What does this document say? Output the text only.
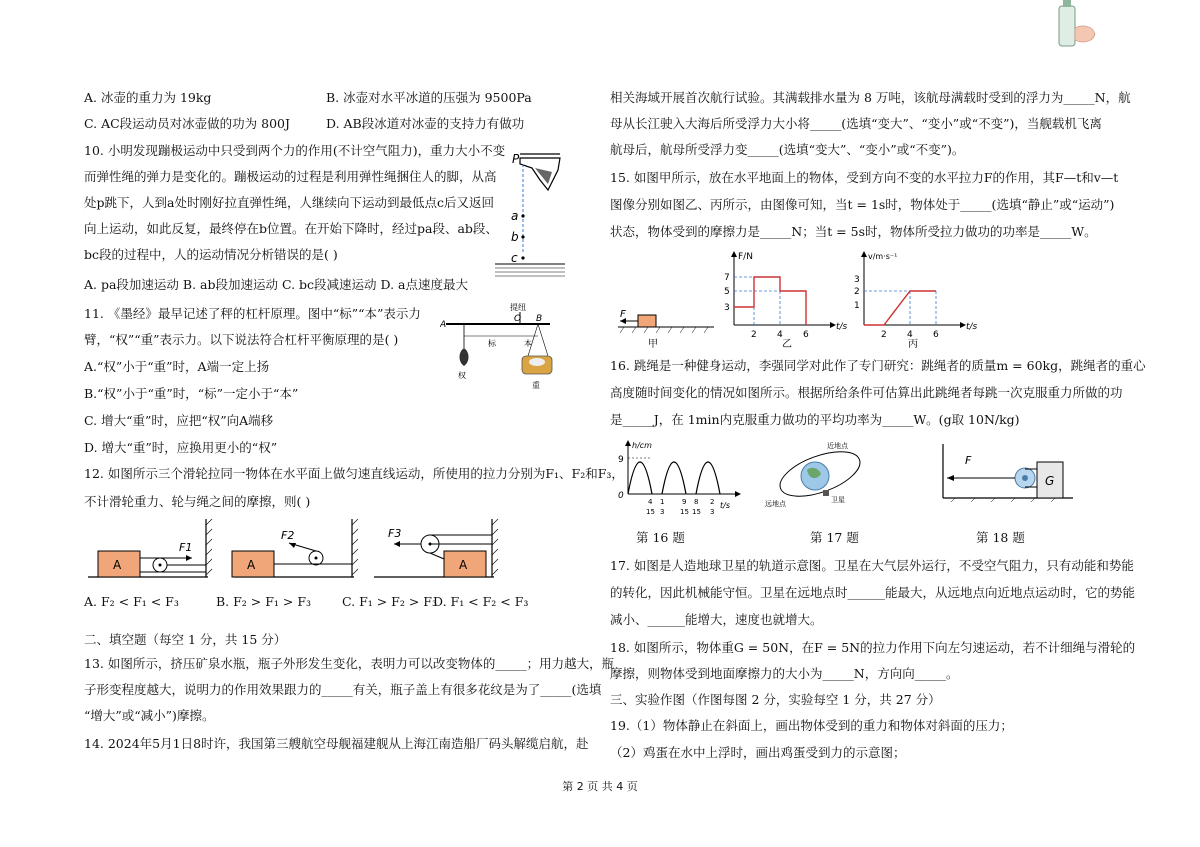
A. 冰壶的重力为 19kg	B. 冰壶对水平冰道的压强为 9500Pa
C. AC段运动员对冰壶做的功为 800J	D. AB段冰道对冰壶的支持力有做功
10. 小明发现蹦极运动中只受到两个力的作用(不计空气阻力)，重力大小不变
而弹性绳的弹力是变化的。蹦极运动的过程是利用弹性绳捆住人的脚，从高
处p跳下，人到a处时刚好拉直弹性绳，人继续向下运动到最低点c后又返回
向上运动，如此反复，最终停在b位置。在开始下降时，经过pa段、ab段、
bc段的过程中，人的运动情况分析错误的是( )
A. pa段加速运动 B. ab段加速运动 C. bc段减速运动 D. a点速度最大
P
a
b
c
11. 《墨经》最早记述了秤的杠杆原理。图中“标”“本”表示力
臂，“权”“重”表示力。以下说法符合杠杆平衡原理的是( )
A.“权”小于“重”时，A端一定上扬
B.“权”小于“重”时，“标”一定小于“本”
C. 增大“重”时，应把“权”向A端移
D. 增大“重”时，应换用更小的“权”
A
B
O
提纽
权
标	本
重
12. 如图所示三个滑轮拉同一物体在水平面上做匀速直线运动，所使用的拉力分别为F₁、F₂和F₃，
不计滑轮重力、轮与绳之间的摩擦，则( )
A
F1
A
F2
A
F3
A. F₂ < F₁ < F₃	B. F₂ > F₁ > F₃ C. F₁ > F₂ > F₃
D. F₁ < F₂ < F₃
二、填空题（每空 1 分，共 15 分）
13. 如图所示，挤压矿泉水瓶，瓶子外形发生变化，表明力可以改变物体的_____；用力越大，瓶
子形变程度越大，说明力的作用效果跟力的_____有关，瓶子盖上有很多花纹是为了_____(选填
“增大”或“减小”)摩擦。
14. 2024年5月1日8时许，我国第三艘航空母舰福建舰从上海江南造船厂码头解缆启航，赴
相关海域开展首次航行试验。其满载排水量为 8 万吨，该航母满载时受到的浮力为_____N，航
母从长江驶入大海后所受浮力大小将_____(选填“变大”、“变小”或“不变”)，当舰载机飞离
航母后，航母所受浮力变_____(选填“变大”、“变小”或“不变”)。
15. 如图甲所示，放在水平地面上的物体，受到方向不变的水平拉力F的作用，其F—t和v—t
图像分别如图乙、丙所示，由图像可知，当t = 1s时，物体处于_____(选填“静止”或“运动”)
状态，物体受到的摩擦力是_____N；当t = 5s时，物体所受拉力做功的功率是_____W。
F
甲
F/N
t/s
7
5
3
2 4 6
乙
v/m·s⁻¹
t/s
3
2
1
2 4 6
丙
16. 跳绳是一种健身运动，李强同学对此作了专门研究：跳绳者的质量m = 60kg，跳绳者的重心
高度随时间变化的情况如图所示。根据所给条件可估算出此跳绳者每跳一次克服重力所做的功
是_____J，在 1min内克服重力做功的平均功率为_____W。(g取 10N/kg)
h/cm
9
0
t/s
4
15
1
3
9
15
8
15
2
3
近地点
远地点	卫星
G
F
第 16 题	第 17 题	第 18 题
17. 如图是人造地球卫星的轨道示意图。卫星在大气层外运行，不受空气阻力，只有动能和势能
的转化，因此机械能守恒。卫星在远地点时______能最大，从远地点向近地点运动时，它的势能
减小、______能增大，速度也就增大。
18. 如图所示，物体重G = 50N，在F = 5N的拉力作用下向左匀速运动，若不计细绳与滑轮的
摩擦，则物体受到地面摩擦力的大小为_____N，方向向_____。
三、实验作图（作图每图 2 分，实验每空 1 分，共 27 分）
19.（1）物体静止在斜面上，画出物体受到的重力和物体对斜面的压力；
（2）鸡蛋在水中上浮时，画出鸡蛋受到力的示意图；
第 2 页 共 4 页
